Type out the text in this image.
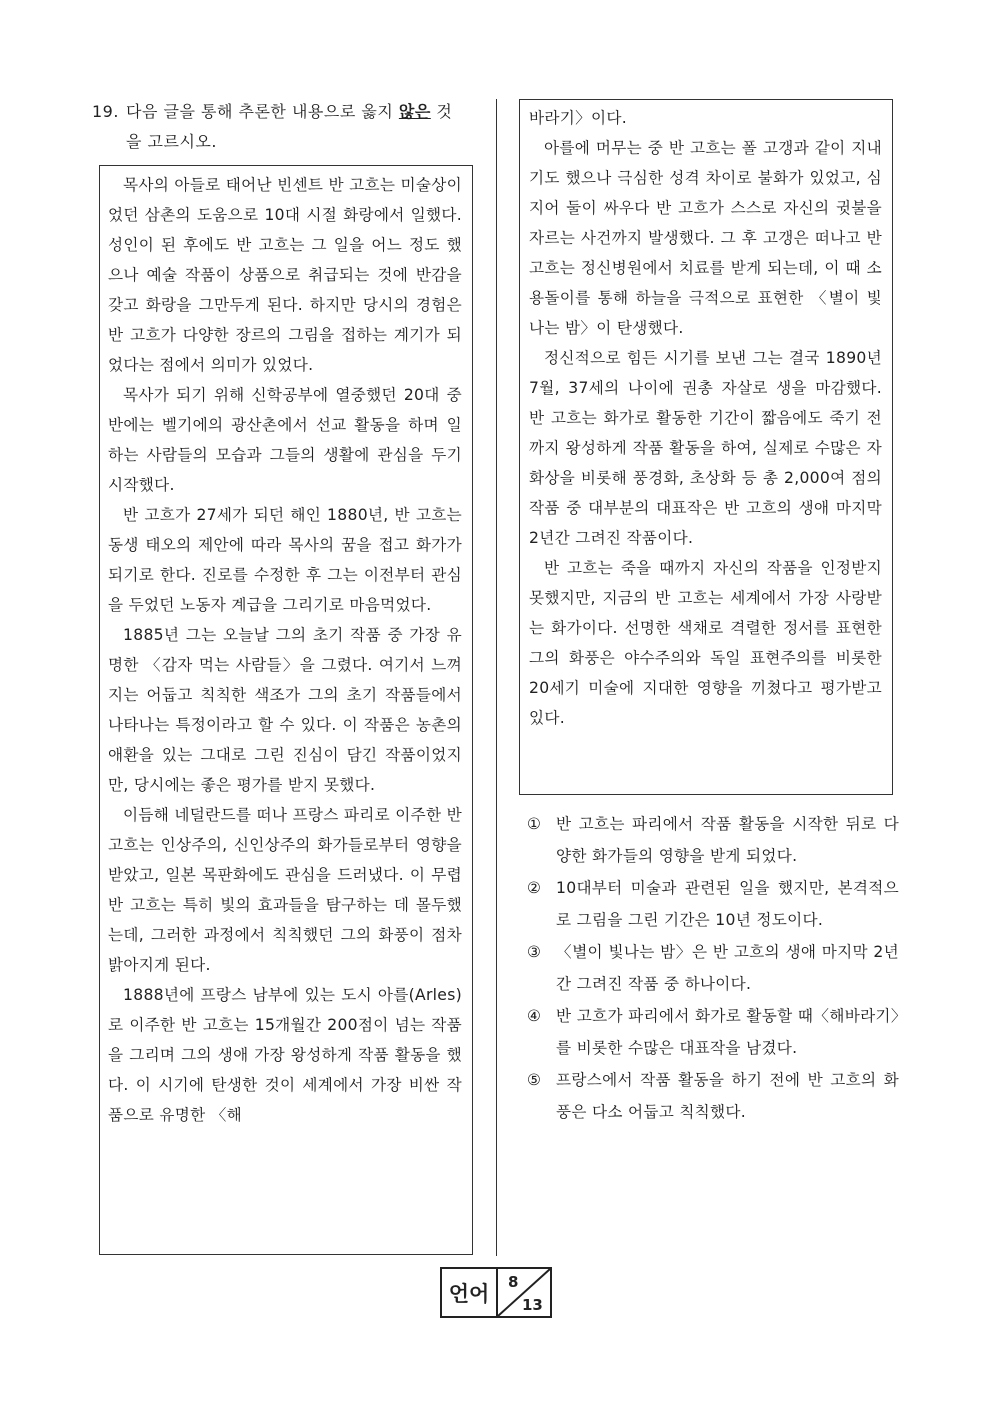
19. 다음 글을 통해 추론한 내용으로 옳지 않은 것
을 고르시오.

목사의 아들로 태어난 빈센트 반 고흐는 미술상이었던 삼촌의 도움으로 10대 시절 화랑에서 일했다. 성인이 된 후에도 반 고흐는 그 일을 어느 정도 했으나 예술 작품이 상품으로 취급되는 것에 반감을 갖고 화랑을 그만두게 된다. 하지만 당시의 경험은 반 고흐가 다양한 장르의 그림을 접하는 계기가 되었다는 점에서 의미가 있었다.

목사가 되기 위해 신학공부에 열중했던 20대 중반에는 벨기에의 광산촌에서 선교 활동을 하며 일하는 사람들의 모습과 그들의 생활에 관심을 두기 시작했다.

반 고흐가 27세가 되던 해인 1880년, 반 고흐는 동생 태오의 제안에 따라 목사의 꿈을 접고 화가가 되기로 한다. 진로를 수정한 후 그는 이전부터 관심을 두었던 노동자 계급을 그리기로 마음먹었다.

1885년 그는 오늘날 그의 초기 작품 중 가장 유명한 〈감자 먹는 사람들〉을 그렸다. 여기서 느껴지는 어둡고 칙칙한 색조가 그의 초기 작품들에서 나타나는 특정이라고 할 수 있다. 이 작품은 농촌의 애환을 있는 그대로 그린 진심이 담긴 작품이었지만, 당시에는 좋은 평가를 받지 못했다.

이듬해 네덜란드를 떠나 프랑스 파리로 이주한 반 고흐는 인상주의, 신인상주의 화가들로부터 영향을 받았고, 일본 목판화에도 관심을 드러냈다. 이 무렵 반 고흐는 특히 빛의 효과들을 탐구하는 데 몰두했는데, 그러한 과정에서 칙칙했던 그의 화풍이 점차 밝아지게 된다.

1888년에 프랑스 남부에 있는 도시 아를(Arles)로 이주한 반 고흐는 15개월간 200점이 넘는 작품을 그리며 그의 생애 가장 왕성하게 작품 활동을 했다. 이 시기에 탄생한 것이 세계에서 가장 비싼 작품으로 유명한 〈해

바라기〉이다.

아를에 머무는 중 반 고흐는 폴 고갱과 같이 지내기도 했으나 극심한 성격 차이로 불화가 있었고, 심지어 둘이 싸우다 반 고흐가 스스로 자신의 귓불을 자르는 사건까지 발생했다. 그 후 고갱은 떠나고 반 고흐는 정신병원에서 치료를 받게 되는데, 이 때 소용돌이를 통해 하늘을 극적으로 표현한 〈별이 빛나는 밤〉이 탄생했다.

정신적으로 힘든 시기를 보낸 그는 결국 1890년 7월, 37세의 나이에 권총 자살로 생을 마감했다. 반 고흐는 화가로 활동한 기간이 짧음에도 죽기 전까지 왕성하게 작품 활동을 하여, 실제로 수많은 자화상을 비롯해 풍경화, 초상화 등 총 2,000여 점의 작품 중 대부분의 대표작은 반 고흐의 생애 마지막 2년간 그려진 작품이다.

반 고흐는 죽을 때까지 자신의 작품을 인정받지 못했지만, 지금의 반 고흐는 세계에서 가장 사랑받는 화가이다. 선명한 색채로 격렬한 정서를 표현한 그의 화풍은 야수주의와 독일 표현주의를 비롯한 20세기 미술에 지대한 영향을 끼쳤다고 평가받고 있다.

① 반 고흐는 파리에서 작품 활동을 시작한 뒤로 다양한 화가들의 영향을 받게 되었다.
② 10대부터 미술과 관련된 일을 했지만, 본격적으로 그림을 그린 기간은 10년 정도이다.
③ 〈별이 빛나는 밤〉은 반 고흐의 생애 마지막 2년간 그려진 작품 중 하나이다.
④ 반 고흐가 파리에서 화가로 활동할 때〈해바라기〉를 비롯한 수많은 대표작을 남겼다.
⑤ 프랑스에서 작품 활동을 하기 전에 반 고흐의 화풍은 다소 어둡고 칙칙했다.
언어	8
13
